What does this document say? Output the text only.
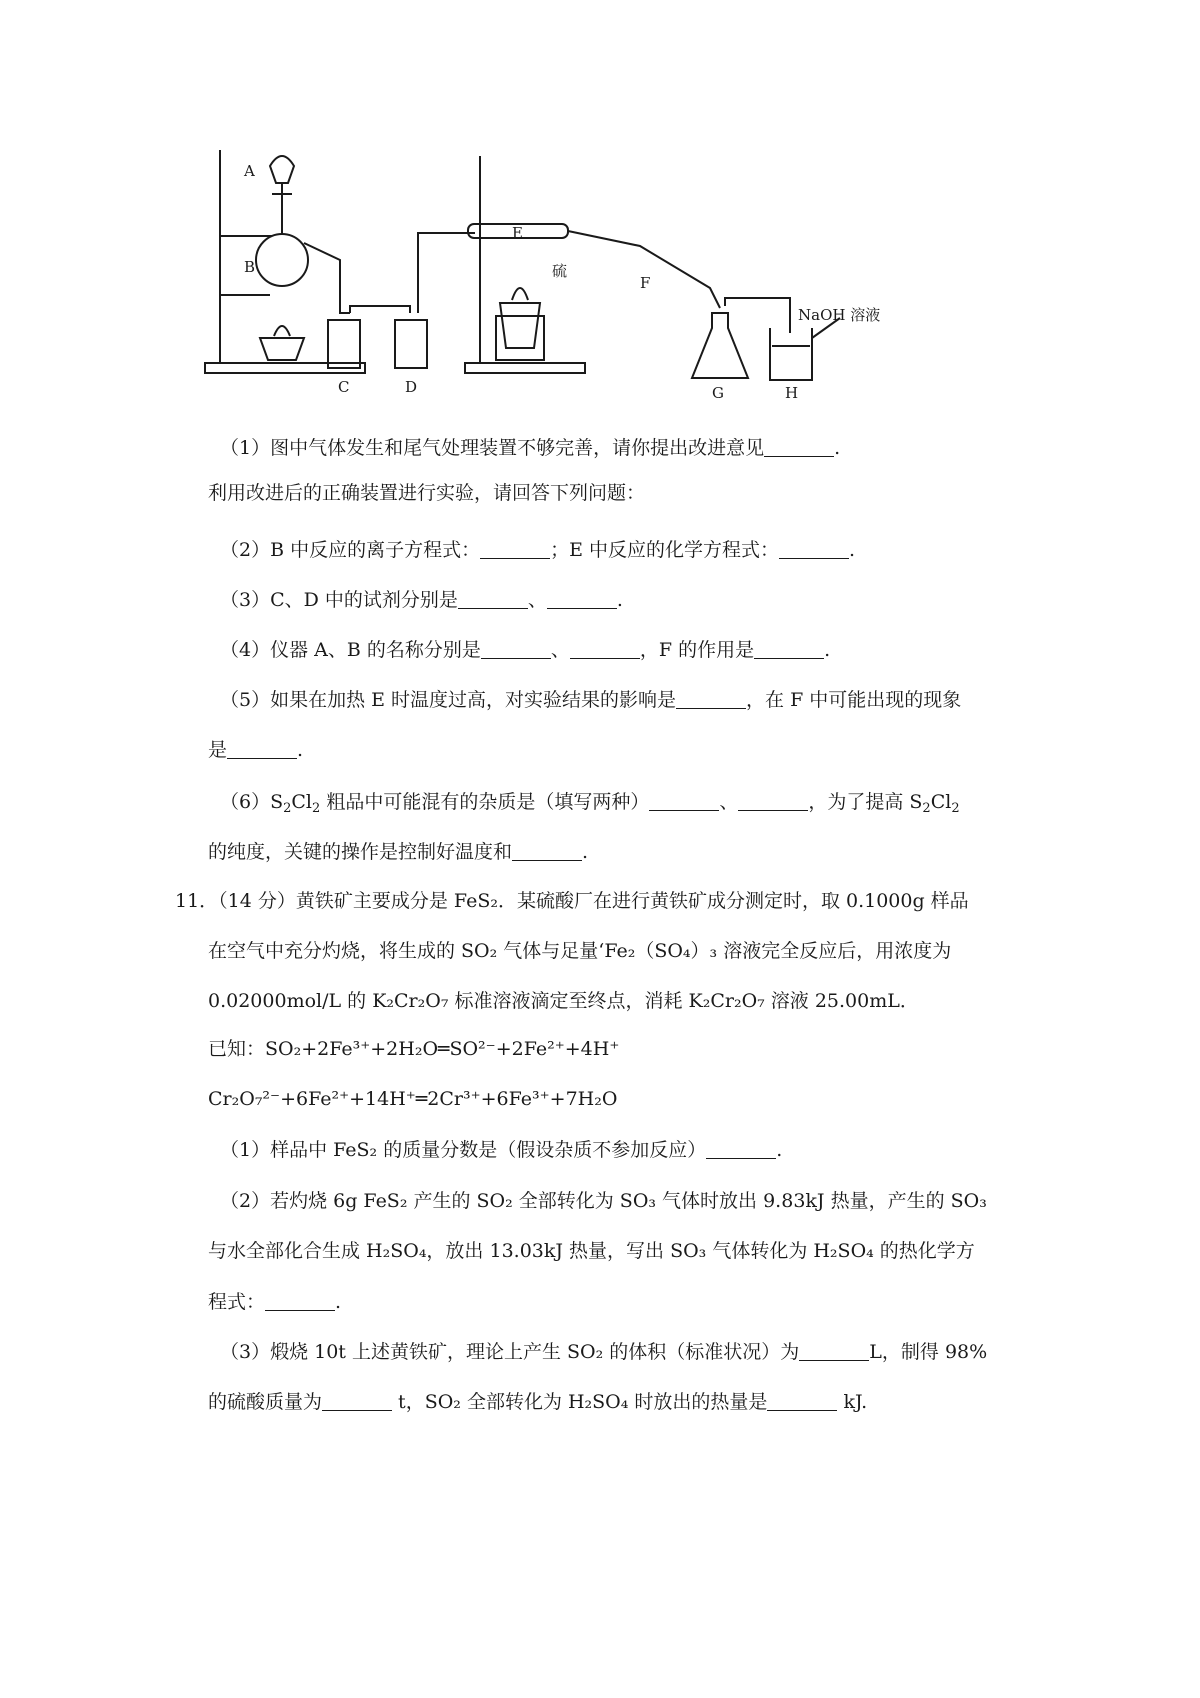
A
B
C	D
E
硫
F
G	H
NaOH 溶液
（1）图中气体发生和尾气处理装置不够完善，请你提出改进意见	.
利用改进后的正确装置进行实验，请回答下列问题：
（2）B 中反应的离子方程式：	；E 中反应的化学方程式：	.
（3）C、D 中的试剂分别是	、	.
（4）仪器 A、B 的名称分别是	、	，F 的作用是	.
（5）如果在加热 E 时温度过高，对实验结果的影响是	，在 F 中可能出现的现象
是	.
$(6)S_2Cl_2$ 粗品中可能混有的杂质是（填写两种）	、	，为了提高 $S_2Cl_2$
的纯度，关键的操作是控制好温度和	.
11．（14 分）黄铁矿主要成分是 FeS₂．某硫酸厂在进行黄铁矿成分测定时，取 0.1000g 样品
在空气中充分灼烧，将生成的 SO₂ 气体与足量‘Fe₂（SO₄）₃ 溶液完全反应后，用浓度为
0.02000mol/L 的 K₂Cr₂O₇ 标准溶液滴定至终点，消耗 K₂Cr₂O₇ 溶液 25.00mL．
已知：SO₂+2Fe³⁺+2H₂O═SO²⁻+2Fe²⁺+4H⁺
Cr₂O₇²⁻+6Fe²⁺+14H⁺═2Cr³⁺+6Fe³⁺+7H₂O
（1）样品中 FeS₂ 的质量分数是（假设杂质不参加反应）	.
（2）若灼烧 6g FeS₂ 产生的 SO₂ 全部转化为 SO₃ 气体时放出 9.83kJ 热量，产生的 SO₃
与水全部化合生成 H₂SO₄，放出 13.03kJ 热量，写出 SO₃ 气体转化为 H₂SO₄ 的热化学方
程式：	.
（3）煅烧 10t 上述黄铁矿，理论上产生 SO₂ 的体积（标准状况）为	L，制得 98%
的硫酸质量为	t，SO₂ 全部转化为 H₂SO₄ 时放出的热量是	kJ.
